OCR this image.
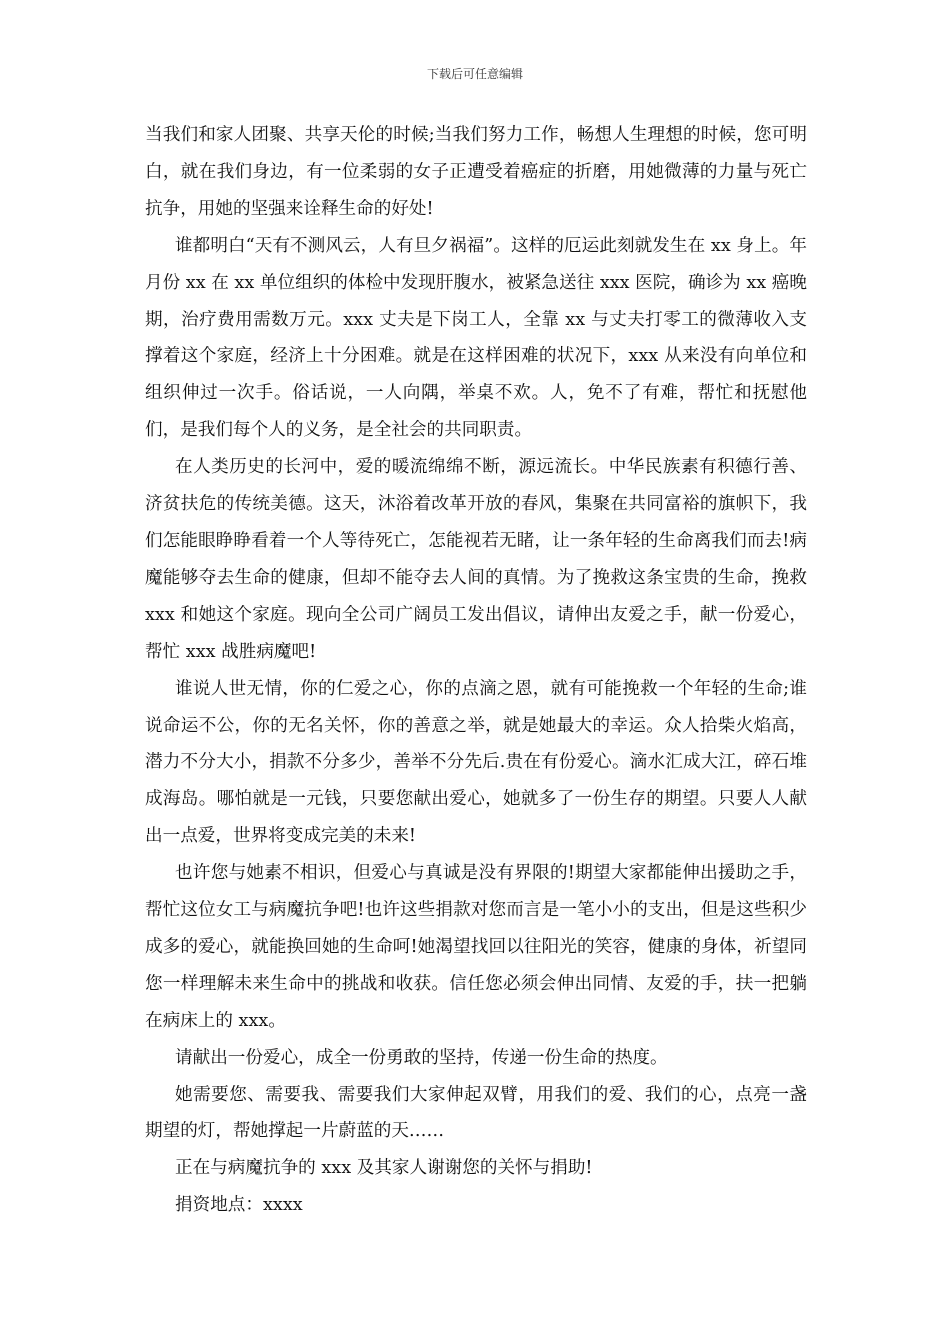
下载后可任意编辑

当我们和家人团聚、共享天伦的时候;当我们努力工作，畅想人生理想的时候，您可明白，就在我们身边，有一位柔弱的女子正遭受着癌症的折磨，用她微薄的力量与死亡抗争，用她的坚强来诠释生命的好处!

谁都明白“天有不测风云，人有旦夕祸福”。这样的厄运此刻就发生在 xx 身上。年月份 xx 在 xx 单位组织的体检中发现肝腹水，被紧急送往 xxx 医院，确诊为 xx 癌晚期，治疗费用需数万元。xxx 丈夫是下岗工人，全靠 xx 与丈夫打零工的微薄收入支撑着这个家庭，经济上十分困难。就是在这样困难的状况下，xxx 从来没有向单位和组织伸过一次手。俗话说，一人向隅，举桌不欢。人，免不了有难，帮忙和抚慰他们，是我们每个人的义务，是全社会的共同职责。

在人类历史的长河中，爱的暖流绵绵不断，源远流长。中华民族素有积德行善、济贫扶危的传统美德。这天，沐浴着改革开放的春风，集聚在共同富裕的旗帜下，我们怎能眼睁睁看着一个人等待死亡，怎能视若无睹，让一条年轻的生命离我们而去!病魔能够夺去生命的健康，但却不能夺去人间的真情。为了挽救这条宝贵的生命，挽救 xxx 和她这个家庭。现向全公司广阔员工发出倡议，请伸出友爱之手，献一份爱心，帮忙 xxx 战胜病魔吧!

谁说人世无情，你的仁爱之心，你的点滴之恩，就有可能挽救一个年轻的生命;谁说命运不公，你的无名关怀，你的善意之举，就是她最大的幸运。众人拾柴火焰高，潜力不分大小，捐款不分多少，善举不分先后.贵在有份爱心。滴水汇成大江，碎石堆成海岛。哪怕就是一元钱，只要您献出爱心，她就多了一份生存的期望。只要人人献出一点爱，世界将变成完美的未来!

也许您与她素不相识，但爱心与真诚是没有界限的!期望大家都能伸出援助之手，帮忙这位女工与病魔抗争吧!也许这些捐款对您而言是一笔小小的支出，但是这些积少成多的爱心，就能换回她的生命呵!她渴望找回以往阳光的笑容，健康的身体，祈望同您一样理解未来生命中的挑战和收获。信任您必须会伸出同情、友爱的手，扶一把躺在病床上的 xxx。

请献出一份爱心，成全一份勇敢的坚持，传递一份生命的热度。

她需要您、需要我、需要我们大家伸起双臂，用我们的爱、我们的心，点亮一盏期望的灯，帮她撑起一片蔚蓝的天……

正在与病魔抗争的 xxx 及其家人谢谢您的关怀与捐助!

捐资地点：xxxx
